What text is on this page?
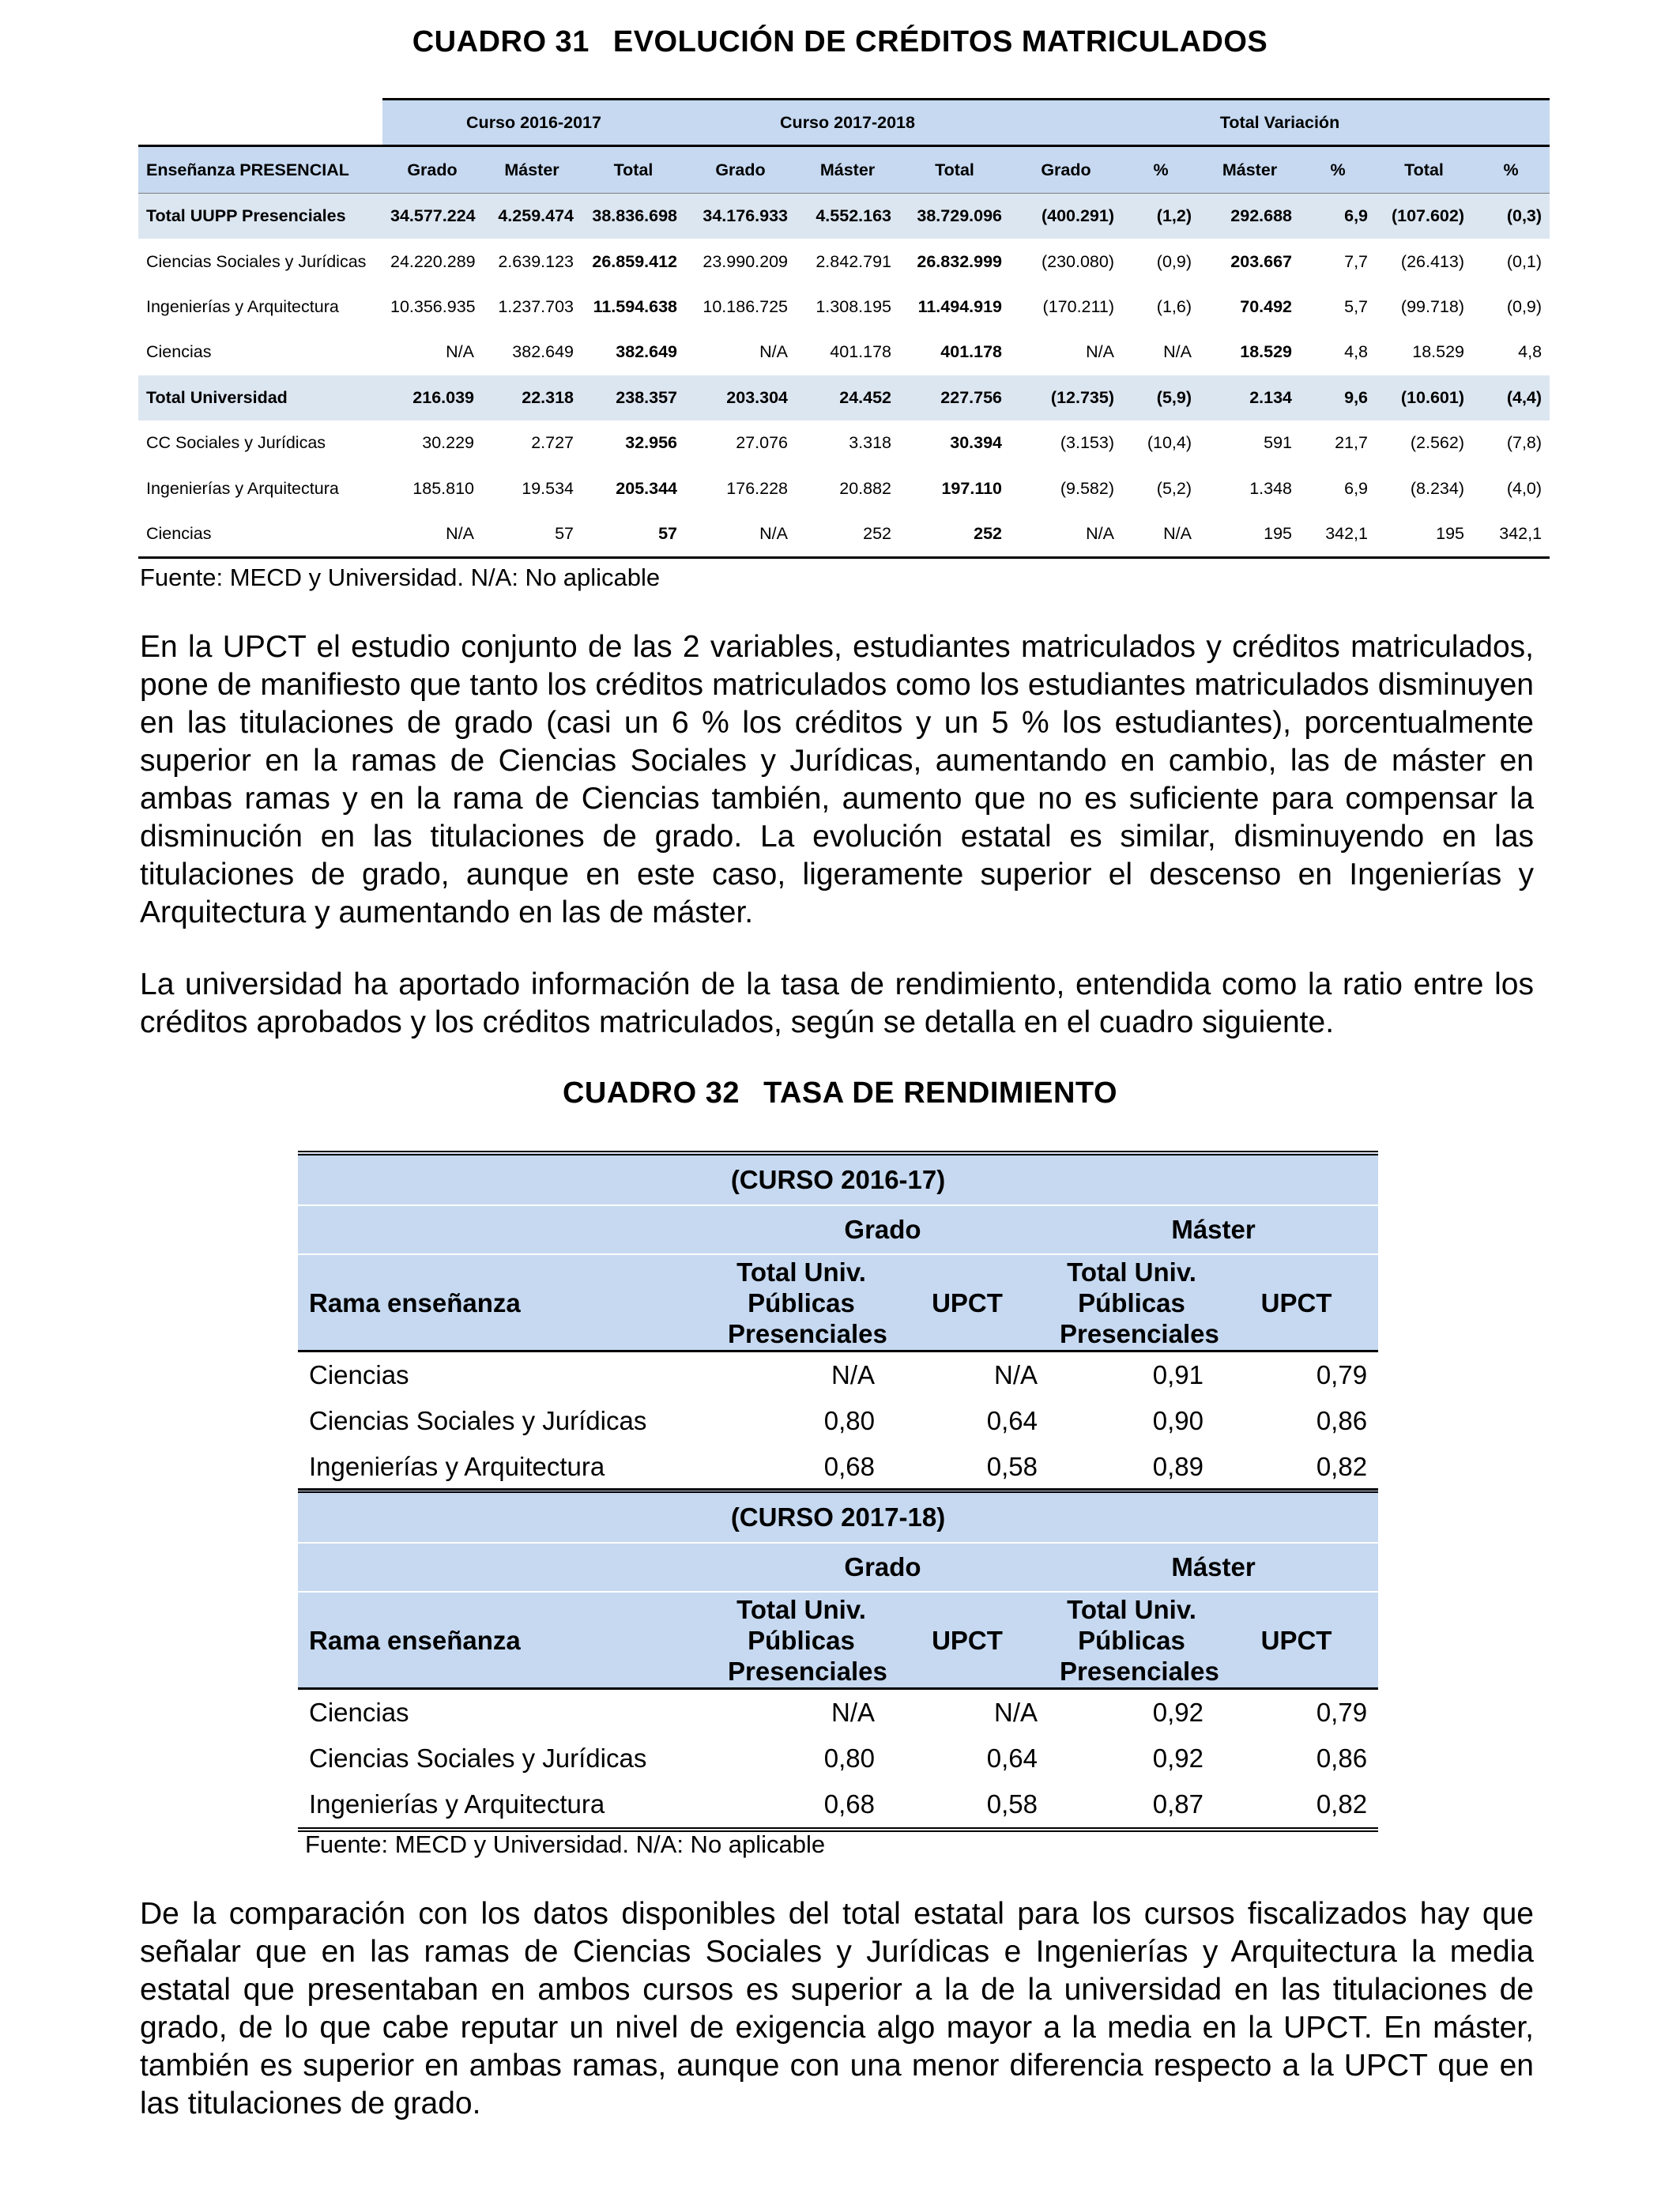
CUADRO 31 EVOLUCIÓN DE CRÉDITOS MATRICULADOS
	Curso 2016-2017			Curso 2017-2018			Total Variación					
Enseñanza PRESENCIAL	Grado	Máster	Total	Grado	Máster	Total	Grado	%	Máster	%	Total	%
Total UUPP Presenciales	34.577.224	4.259.474	38.836.698	34.176.933	4.552.163	38.729.096	(400.291)	(1,2)	292.688	6,9	(107.602)	(0,3)
Ciencias Sociales y Jurídicas	24.220.289	2.639.123	26.859.412	23.990.209	2.842.791	26.832.999	(230.080)	(0,9)	203.667	7,7	(26.413)	(0,1)
Ingenierías y Arquitectura	10.356.935	1.237.703	11.594.638	10.186.725	1.308.195	11.494.919	(170.211)	(1,6)	70.492	5,7	(99.718)	(0,9)
Ciencias	N/A	382.649	382.649	N/A	401.178	401.178	N/A	N/A	18.529	4,8	18.529	4,8
Total Universidad	216.039	22.318	238.357	203.304	24.452	227.756	(12.735)	(5,9)	2.134	9,6	(10.601)	(4,4)
CC Sociales y Jurídicas	30.229	2.727	32.956	27.076	3.318	30.394	(3.153)	(10,4)	591	21,7	(2.562)	(7,8)
Ingenierías y Arquitectura	185.810	19.534	205.344	176.228	20.882	197.110	(9.582)	(5,2)	1.348	6,9	(8.234)	(4,0)
Ciencias	N/A	57	57	N/A	252	252	N/A	N/A	195	342,1	195	342,1
Fuente: MECD y Universidad. N/A: No aplicable

En la UPCT el estudio conjunto de las 2 variables, estudiantes matriculados y créditos matriculados, pone de manifiesto que tanto los créditos matriculados como los estudiantes matriculados disminuyen en las titulaciones de grado (casi un 6 % los créditos y un 5 % los estudiantes), porcentualmente superior en la ramas de Ciencias Sociales y Jurídicas, aumentando en cambio, las de máster en ambas ramas y en la rama de Ciencias también, aumento que no es suficiente para compensar la disminución en las titulaciones de grado. La evolución estatal es similar, disminuyendo en las titulaciones de grado, aunque en este caso, ligeramente superior el descenso en Ingenierías y Arquitectura y aumentando en las de máster.

La universidad ha aportado información de la tasa de rendimiento, entendida como la ratio entre los créditos aprobados y los créditos matriculados, según se detalla en el cuadro siguiente.

CUADRO 32 TASA DE RENDIMIENTO
(CURSO 2016-17)				
	Grado		Máster	
Rama enseñanza	Total Univ. Públicas Presenciales	UPCT	Total Univ. Públicas Presenciales	UPCT
Ciencias	N/A	N/A	0,91	0,79
Ciencias Sociales y Jurídicas	0,80	0,64	0,90	0,86
Ingenierías y Arquitectura	0,68	0,58	0,89	0,82
(CURSO 2017-18)				
	Grado		Máster	
Rama enseñanza	Total Univ. Públicas Presenciales	UPCT	Total Univ. Públicas Presenciales	UPCT
Ciencias	N/A	N/A	0,92	0,79
Ciencias Sociales y Jurídicas	0,80	0,64	0,92	0,86
Ingenierías y Arquitectura	0,68	0,58	0,87	0,82
Fuente: MECD y Universidad. N/A: No aplicable

De la comparación con los datos disponibles del total estatal para los cursos fiscalizados hay que señalar que en las ramas de Ciencias Sociales y Jurídicas e Ingenierías y Arquitectura la media estatal que presentaban en ambos cursos es superior a la de la universidad en las titulaciones de grado, de lo que cabe reputar un nivel de exigencia algo mayor a la media en la UPCT. En máster, también es superior en ambas ramas, aunque con una menor diferencia respecto a la UPCT que en las titulaciones de grado.
